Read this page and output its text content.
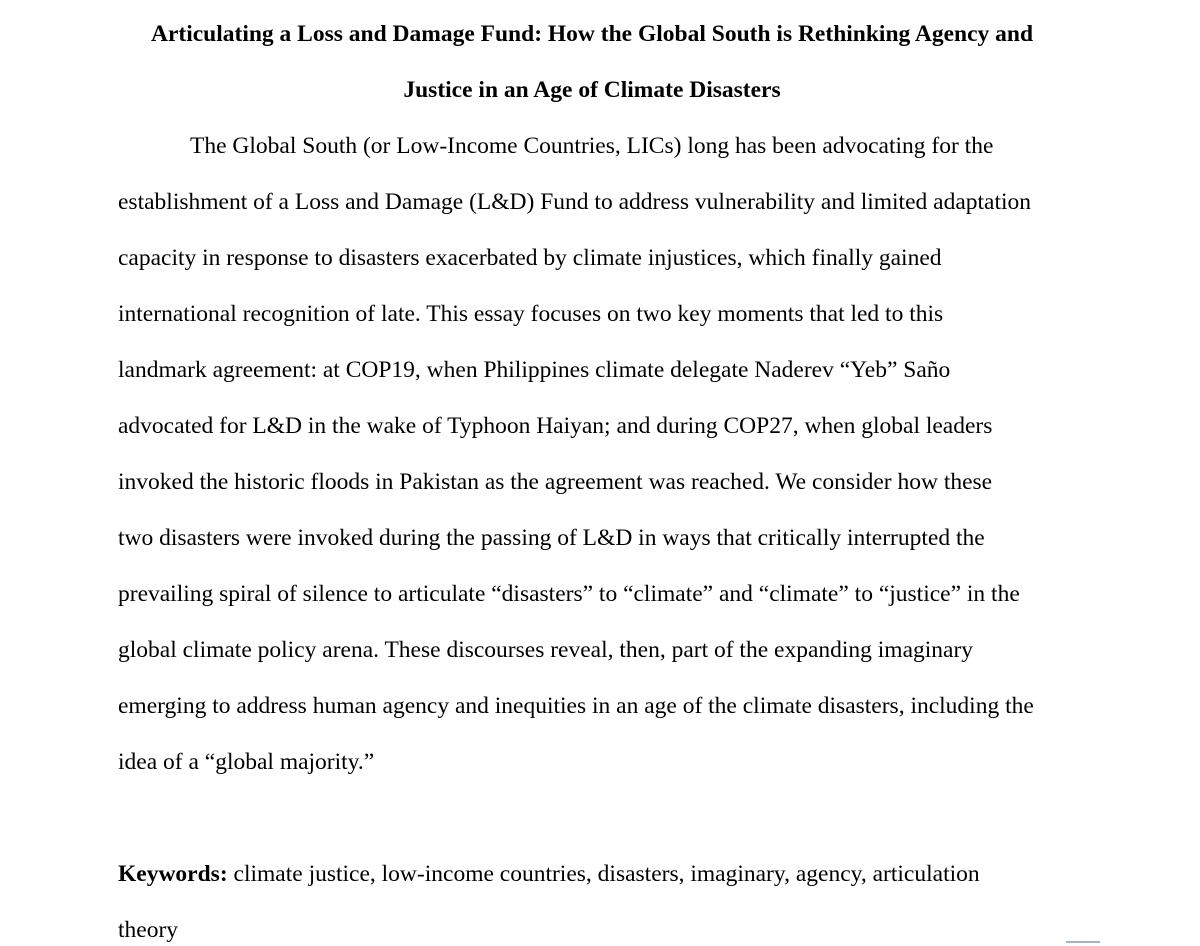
Articulating a Loss and Damage Fund: How the Global South is Rethinking Agency and
Justice in an Age of Climate Disasters
The Global South (or Low-Income Countries, LICs) long has been advocating for the
establishment of a Loss and Damage (L&D) Fund to address vulnerability and limited adaptation
capacity in response to disasters exacerbated by climate injustices, which finally gained
international recognition of late. This essay focuses on two key moments that led to this
landmark agreement: at COP19, when Philippines climate delegate Naderev “Yeb” Saño
advocated for L&D in the wake of Typhoon Haiyan; and during COP27, when global leaders
invoked the historic floods in Pakistan as the agreement was reached. We consider how these
two disasters were invoked during the passing of L&D in ways that critically interrupted the
prevailing spiral of silence to articulate “disasters” to “climate” and “climate” to “justice” in the
global climate policy arena. These discourses reveal, then, part of the expanding imaginary
emerging to address human agency and inequities in an age of the climate disasters, including the
idea of a “global majority.”
Keywords: climate justice, low-income countries, disasters, imaginary, agency, articulation
theory
